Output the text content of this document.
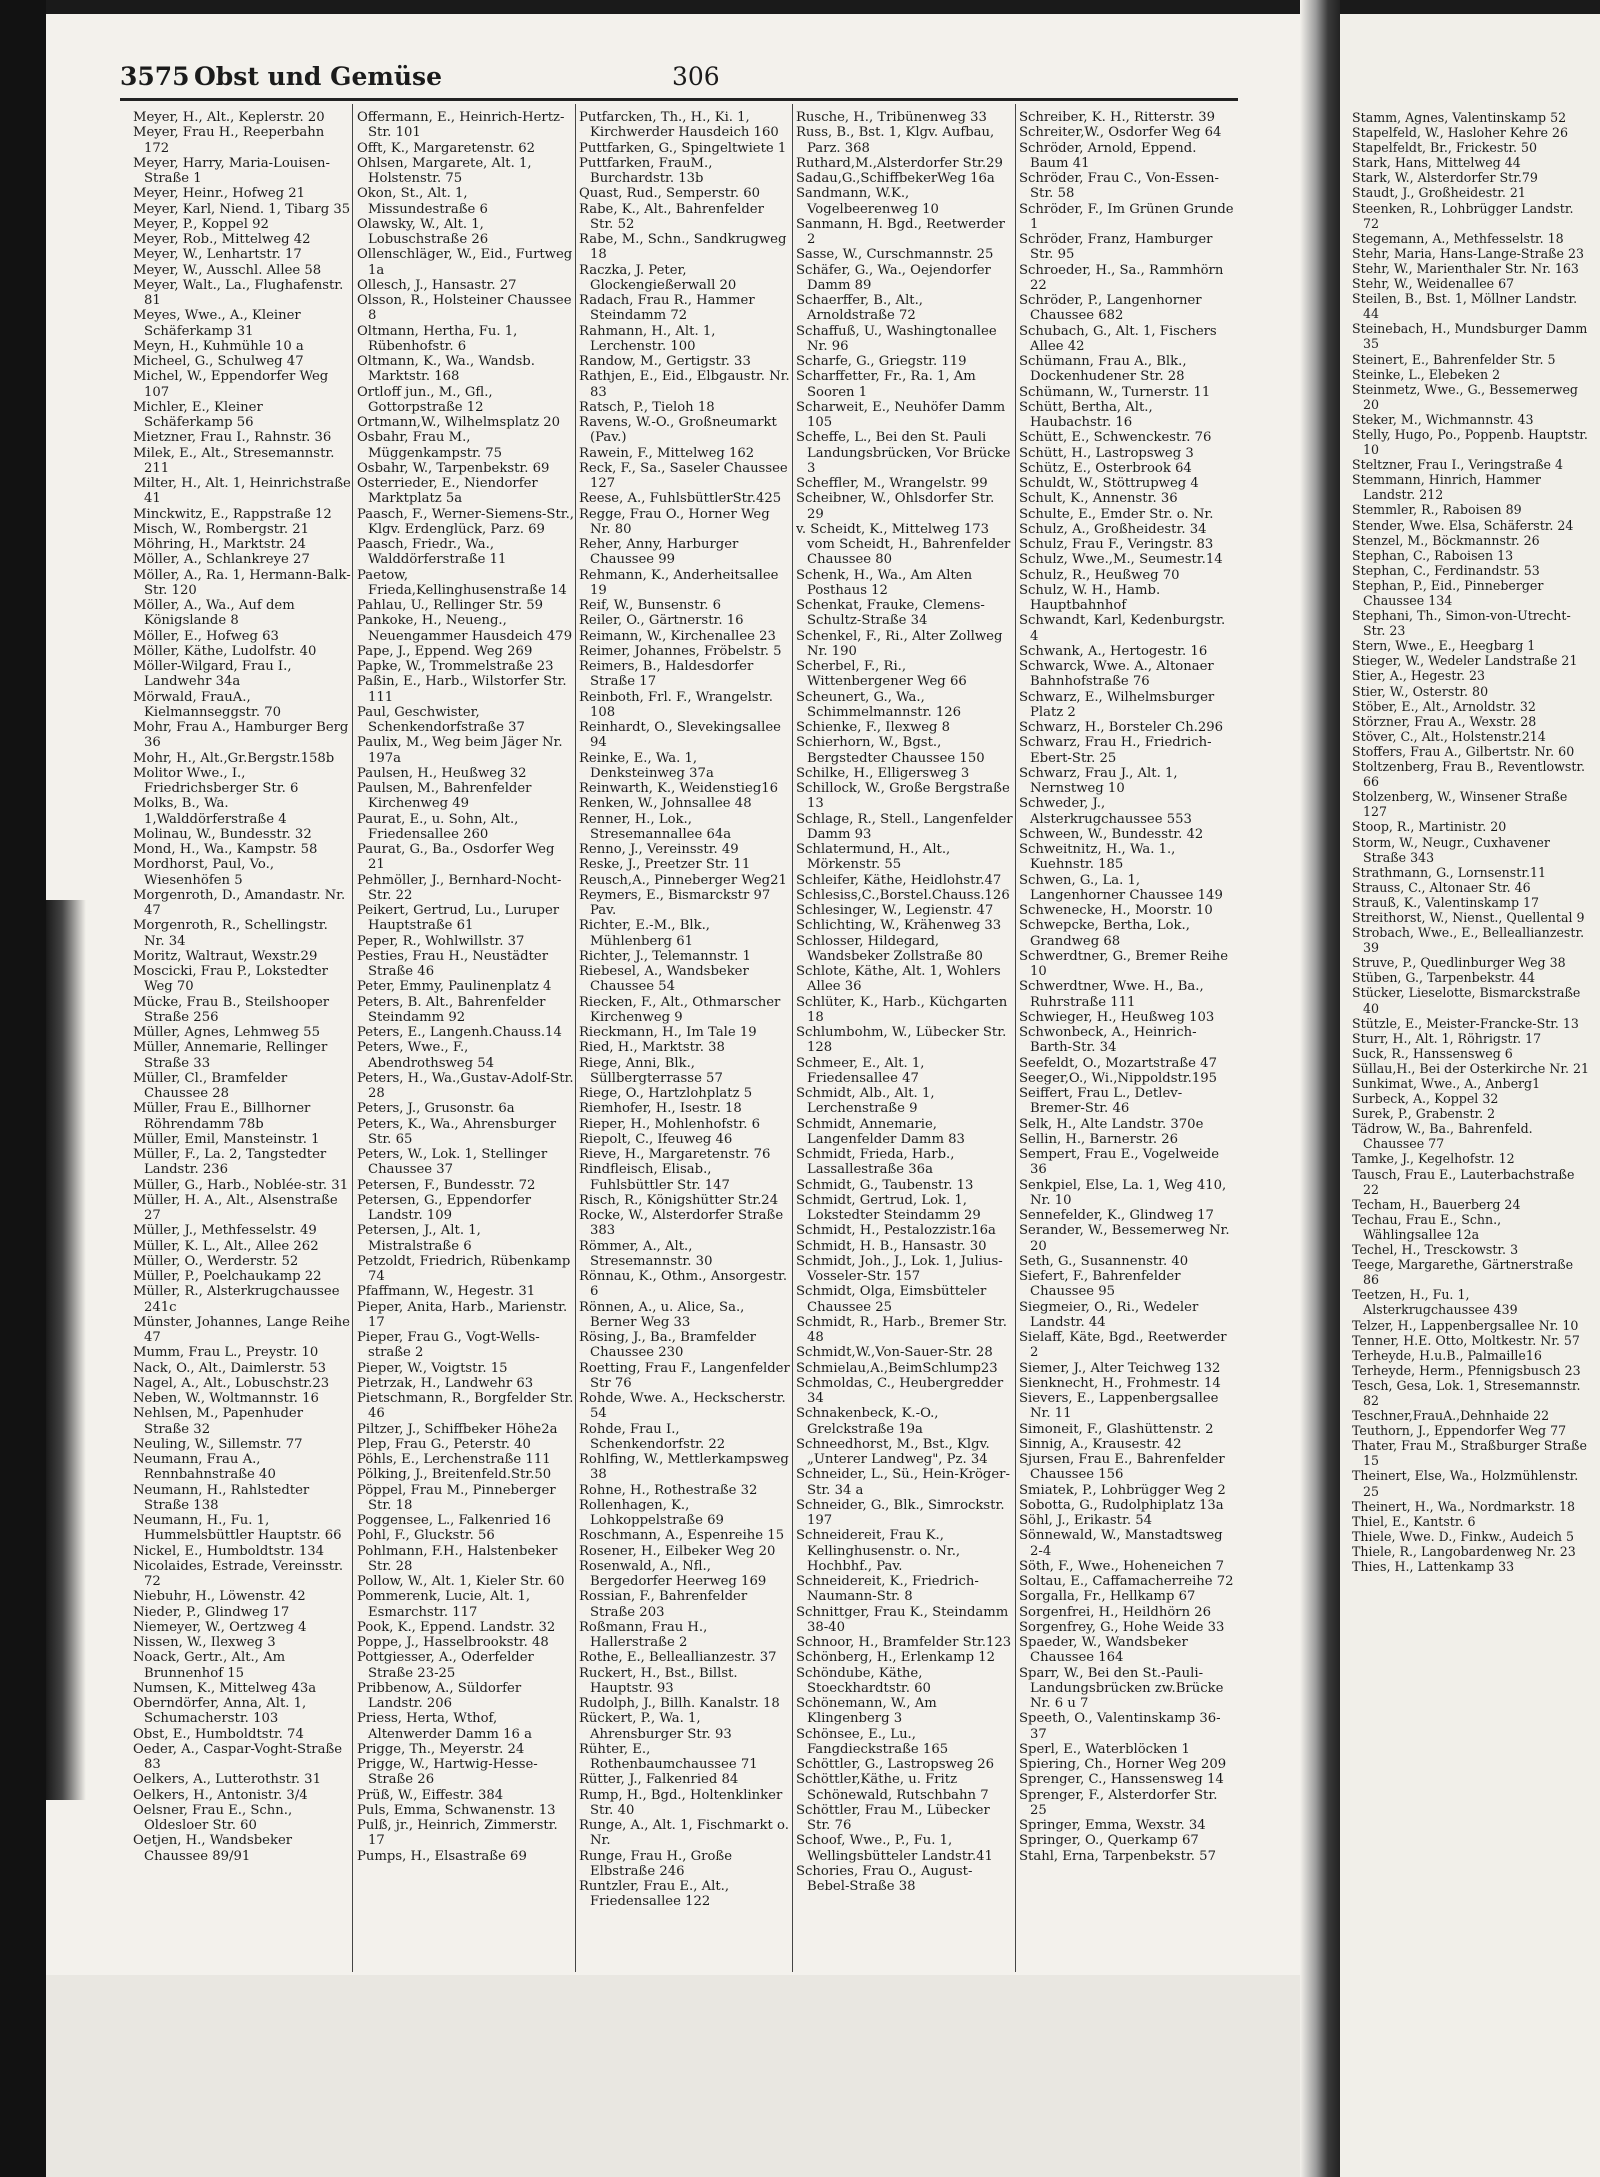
3575 Obst und Gemüse	306

Meyer, H., Alt., Keplerstr. 20

Meyer, Frau H., Reeperbahn 172

Meyer, Harry, Maria-Louisen-Straße 1

Meyer, Heinr., Hofweg 21

Meyer, Karl, Niend. 1, Tibarg 35

Meyer, P., Koppel 92

Meyer, Rob., Mittelweg 42

Meyer, W., Lenhartstr. 17

Meyer, W., Ausschl. Allee 58

Meyer, Walt., La., Flughafenstr. 81

Meyes, Wwe., A., Kleiner Schäferkamp 31

Meyn, H., Kuhmühle 10 a

Micheel, G., Schulweg 47

Michel, W., Eppendorfer Weg 107

Michler, E., Kleiner Schäferkamp 56

Mietzner, Frau I., Rahnstr. 36

Milek, E., Alt., Stresemannstr. 211

Milter, H., Alt. 1, Heinrichstraße 41

Minckwitz, E., Rappstraße 12

Misch, W., Rombergstr. 21

Möhring, H., Marktstr. 24

Möller, A., Schlankreye 27

Möller, A., Ra. 1, Hermann-Balk-Str. 120

Möller, A., Wa., Auf dem Königslande 8

Möller, E., Hofweg 63

Möller, Käthe, Ludolfstr. 40

Möller-Wilgard, Frau I., Landwehr 34a

Mörwald, FrauA., Kielmannseggstr. 70

Mohr, Frau A., Hamburger Berg 36

Mohr, H., Alt.,Gr.Bergstr.158b

Molitor Wwe., I., Friedrichsberger Str. 6

Molks, B., Wa. 1,Walddörferstraße 4

Molinau, W., Bundesstr. 32

Mond, H., Wa., Kampstr. 58

Mordhorst, Paul, Vo., Wiesenhöfen 5

Morgenroth, D., Amandastr. Nr. 47

Morgenroth, R., Schellingstr. Nr. 34

Moritz, Waltraut, Wexstr.29

Moscicki, Frau P., Lokstedter Weg 70

Mücke, Frau B., Steilshooper Straße 256

Müller, Agnes, Lehmweg 55

Müller, Annemarie, Rellinger Straße 33

Müller, Cl., Bramfelder Chaussee 28

Müller, Frau E., Billhorner Röhrendamm 78b

Müller, Emil, Mansteinstr. 1

Müller, F., La. 2, Tangstedter Landstr. 236

Müller, G., Harb., Noblée-str. 31

Müller, H. A., Alt., Alsenstraße 27

Müller, J., Methfesselstr. 49

Müller, K. L., Alt., Allee 262

Müller, O., Werderstr. 52

Müller, P., Poelchaukamp 22

Müller, R., Alsterkrugchaussee 241c

Münster, Johannes, Lange Reihe 47

Mumm, Frau L., Preystr. 10

Nack, O., Alt., Daimlerstr. 53

Nagel, A., Alt., Lobuschstr.23

Neben, W., Woltmannstr. 16

Nehlsen, M., Papenhuder Straße 32

Neuling, W., Sillemstr. 77

Neumann, Frau A., Rennbahnstraße 40

Neumann, H., Rahlstedter Straße 138

Neumann, H., Fu. 1, Hummelsbüttler Hauptstr. 66

Nickel, E., Humboldtstr. 134

Nicolaides, Estrade, Vereinsstr. 72

Niebuhr, H., Löwenstr. 42

Nieder, P., Glindweg 17

Niemeyer, W., Oertzweg 4

Nissen, W., Ilexweg 3

Noack, Gertr., Alt., Am Brunnenhof 15

Numsen, K., Mittelweg 43a

Oberndörfer, Anna, Alt. 1, Schumacherstr. 103

Obst, E., Humboldtstr. 74

Oeder, A., Caspar-Voght-Straße 83

Oelkers, A., Lutterothstr. 31

Oelkers, H., Antonistr. 3/4

Oelsner, Frau E., Schn., Oldesloer Str. 60

Oetjen, H., Wandsbeker Chaussee 89/91

Offermann, E., Heinrich-Hertz-Str. 101

Offt, K., Margaretenstr. 62

Ohlsen, Margarete, Alt. 1, Holstenstr. 75

Okon, St., Alt. 1, Missundestraße 6

Olawsky, W., Alt. 1, Lobuschstraße 26

Ollenschläger, W., Eid., Furtweg 1a

Ollesch, J., Hansastr. 27

Olsson, R., Holsteiner Chaussee 8

Oltmann, Hertha, Fu. 1, Rübenhofstr. 6

Oltmann, K., Wa., Wandsb. Marktstr. 168

Ortloff jun., M., Gfl., Gottorpstraße 12

Ortmann,W., Wilhelmsplatz 20

Osbahr, Frau M., Müggenkampstr. 75

Osbahr, W., Tarpenbekstr. 69

Osterrieder, E., Niendorfer Marktplatz 5a

Paasch, F., Werner-Siemens-Str., Klgv. Erdenglück, Parz. 69

Paasch, Friedr., Wa., Walddörferstraße 11

Paetow, Frieda,Kellinghusenstraße 14

Pahlau, U., Rellinger Str. 59

Pankoke, H., Neueng., Neuengammer Hausdeich 479

Pape, J., Eppend. Weg 269

Papke, W., Trommelstraße 23

Paßin, E., Harb., Wilstorfer Str. 111

Paul, Geschwister, Schenkendorfstraße 37

Paulix, M., Weg beim Jäger Nr. 197a

Paulsen, H., Heußweg 32

Paulsen, M., Bahrenfelder Kirchenweg 49

Paurat, E., u. Sohn, Alt., Friedensallee 260

Paurat, G., Ba., Osdorfer Weg 21

Pehmöller, J., Bernhard-Nocht-Str. 22

Peikert, Gertrud, Lu., Luruper Hauptstraße 61

Peper, R., Wohlwillstr. 37

Pesties, Frau H., Neustädter Straße 46

Peter, Emmy, Paulinenplatz 4

Peters, B. Alt., Bahrenfelder Steindamm 92

Peters, E., Langenh.Chauss.14

Peters, Wwe., F., Abendrothsweg 54

Peters, H., Wa.,Gustav-Adolf-Str. 28

Peters, J., Grusonstr. 6a

Peters, K., Wa., Ahrensburger Str. 65

Peters, W., Lok. 1, Stellinger Chaussee 37

Petersen, F., Bundesstr. 72

Petersen, G., Eppendorfer Landstr. 109

Petersen, J., Alt. 1, Mistralstraße 6

Petzoldt, Friedrich, Rübenkamp 74

Pfaffmann, W., Hegestr. 31

Pieper, Anita, Harb., Marienstr. 17

Pieper, Frau G., Vogt-Wells-straße 2

Pieper, W., Voigtstr. 15

Pietrzak, H., Landwehr 63

Pietschmann, R., Borgfelder Str. 46

Piltzer, J., Schiffbeker Höhe2a

Plep, Frau G., Peterstr. 40

Pöhls, E., Lerchenstraße 111

Pölking, J., Breitenfeld.Str.50

Pöppel, Frau M., Pinneberger Str. 18

Poggensee, L., Falkenried 16

Pohl, F., Gluckstr. 56

Pohlmann, F.H., Halstenbeker Str. 28

Pollow, W., Alt. 1, Kieler Str. 60

Pommerenk, Lucie, Alt. 1, Esmarchstr. 117

Pook, K., Eppend. Landstr. 32

Poppe, J., Hasselbrookstr. 48

Pottgiesser, A., Oderfelder Straße 23-25

Pribbenow, A., Süldorfer Landstr. 206

Priess, Herta, Wthof, Altenwerder Damm 16 a

Prigge, Th., Meyerstr. 24

Prigge, W., Hartwig-Hesse-Straße 26

Prüß, W., Eiffestr. 384

Puls, Emma, Schwanenstr. 13

Pulß, jr., Heinrich, Zimmerstr. 17

Pumps, H., Elsastraße 69

Putfarcken, Th., H., Ki. 1, Kirchwerder Hausdeich 160

Puttfarken, G., Spingeltwiete 1

Puttfarken, FrauM., Burchardstr. 13b

Quast, Rud., Semperstr. 60

Rabe, K., Alt., Bahrenfelder Str. 52

Rabe, M., Schn., Sandkrugweg 18

Raczka, J. Peter, Glockengießerwall 20

Radach, Frau R., Hammer Steindamm 72

Rahmann, H., Alt. 1, Lerchenstr. 100

Randow, M., Gertigstr. 33

Rathjen, E., Eid., Elbgaustr. Nr. 83

Ratsch, P., Tieloh 18

Ravens, W.-O., Großneumarkt (Pav.)

Rawein, F., Mittelweg 162

Reck, F., Sa., Saseler Chaussee 127

Reese, A., FuhlsbüttlerStr.425

Regge, Frau O., Horner Weg Nr. 80

Reher, Anny, Harburger Chaussee 99

Rehmann, K., Anderheitsallee 19

Reif, W., Bunsenstr. 6

Reiler, O., Gärtnerstr. 16

Reimann, W., Kirchenallee 23

Reimer, Johannes, Fröbelstr. 5

Reimers, B., Haldesdorfer Straße 17

Reinboth, Frl. F., Wrangelstr. 108

Reinhardt, O., Slevekingsallee 94

Reinke, E., Wa. 1, Denksteinweg 37a

Reinwarth, K., Weidenstieg16

Renken, W., Johnsallee 48

Renner, H., Lok., Stresemannallee 64a

Renno, J., Vereinsstr. 49

Reske, J., Preetzer Str. 11

Reusch,A., Pinneberger Weg21

Reymers, E., Bismarckstr 97 Pav.

Richter, E.-M., Blk., Mühlenberg 61

Richter, J., Telemannstr. 1

Riebesel, A., Wandsbeker Chaussee 54

Riecken, F., Alt., Othmarscher Kirchenweg 9

Rieckmann, H., Im Tale 19

Ried, H., Marktstr. 38

Riege, Anni, Blk., Süllbergterrasse 57

Riege, O., Hartzlohplatz 5

Riemhofer, H., Isestr. 18

Rieper, H., Mohlenhofstr. 6

Riepolt, C., Ifeuweg 46

Rieve, H., Margaretenstr. 76

Rindfleisch, Elisab., Fuhlsbüttler Str. 147

Risch, R., Königshütter Str.24

Rocke, W., Alsterdorfer Straße 383

Römmer, A., Alt., Stresemannstr. 30

Rönnau, K., Othm., Ansorgestr. 6

Rönnen, A., u. Alice, Sa., Berner Weg 33

Rösing, J., Ba., Bramfelder Chaussee 230

Roetting, Frau F., Langenfelder Str 76

Rohde, Wwe. A., Heckscherstr. 54

Rohde, Frau I., Schenkendorfstr. 22

Rohlfing, W., Mettlerkampsweg 38

Rohne, H., Rothestraße 32

Rollenhagen, K., Lohkoppelstraße 69

Roschmann, A., Espenreihe 15

Rosener, H., Eilbeker Weg 20

Rosenwald, A., Nfl., Bergedorfer Heerweg 169

Rossian, F., Bahrenfelder Straße 203

Roßmann, Frau H., Hallerstraße 2

Rothe, E., Belleallianzestr. 37

Ruckert, H., Bst., Billst. Hauptstr. 93

Rudolph, J., Billh. Kanalstr. 18

Rückert, P., Wa. 1, Ahrensburger Str. 93

Rühter, E., Rothenbaumchaussee 71

Rütter, J., Falkenried 84

Rump, H., Bgd., Holtenklinker Str. 40

Runge, A., Alt. 1, Fischmarkt o. Nr.

Runge, Frau H., Große Elbstraße 246

Runtzler, Frau E., Alt., Friedensallee 122

Rusche, H., Tribünenweg 33

Russ, B., Bst. 1, Klgv. Aufbau, Parz. 368

Ruthard,M.,Alsterdorfer Str.29

Sadau,G.,SchiffbekerWeg 16a

Sandmann, W.K., Vogelbeerenweg 10

Sanmann, H. Bgd., Reetwerder 2

Sasse, W., Curschmannstr. 25

Schäfer, G., Wa., Oejendorfer Damm 89

Schaerffer, B., Alt., Arnoldstraße 72

Schaffuß, U., Washingtonallee Nr. 96

Scharfe, G., Griegstr. 119

Scharffetter, Fr., Ra. 1, Am Sooren 1

Scharweit, E., Neuhöfer Damm 105

Scheffe, L., Bei den St. Pauli Landungsbrücken, Vor Brücke 3

Scheffler, M., Wrangelstr. 99

Scheibner, W., Ohlsdorfer Str. 29

v. Scheidt, K., Mittelweg 173 vom Scheidt, H., Bahrenfelder Chaussee 80

Schenk, H., Wa., Am Alten Posthaus 12

Schenkat, Frauke, Clemens-Schultz-Straße 34

Schenkel, F., Ri., Alter Zollweg Nr. 190

Scherbel, F., Ri., Wittenbergener Weg 66

Scheunert, G., Wa., Schimmelmannstr. 126

Schienke, F., Ilexweg 8

Schierhorn, W., Bgst., Bergstedter Chaussee 150

Schilke, H., Elligersweg 3

Schillock, W., Große Bergstraße 13

Schlage, R., Stell., Langenfelder Damm 93

Schlatermund, H., Alt., Mörkenstr. 55

Schleifer, Käthe, Heidlohstr.47

Schlesiss,C.,Borstel.Chauss.126

Schlesinger, W., Legienstr. 47

Schlichting, W., Krähenweg 33

Schlosser, Hildegard, Wandsbeker Zollstraße 80

Schlote, Käthe, Alt. 1, Wohlers Allee 36

Schlüter, K., Harb., Küchgarten 18

Schlumbohm, W., Lübecker Str. 128

Schmeer, E., Alt. 1, Friedensallee 47

Schmidt, Alb., Alt. 1, Lerchenstraße 9

Schmidt, Annemarie, Langenfelder Damm 83

Schmidt, Frieda, Harb., Lassallestraße 36a

Schmidt, G., Taubenstr. 13

Schmidt, Gertrud, Lok. 1, Lokstedter Steindamm 29

Schmidt, H., Pestalozzistr.16a

Schmidt, H. B., Hansastr. 30

Schmidt, Joh., J., Lok. 1, Julius-Vosseler-Str. 157

Schmidt, Olga, Eimsbütteler Chaussee 25

Schmidt, R., Harb., Bremer Str. 48

Schmidt,W.,Von-Sauer-Str. 28

Schmielau,A.,BeimSchlump23

Schmoldas, C., Heubergredder 34

Schnakenbeck, K.-O., Grelckstraße 19a

Schneedhorst, M., Bst., Klgv. „Unterer Landweg", Pz. 34

Schneider, L., Sü., Hein-Kröger-Str. 34 a

Schneider, G., Blk., Simrockstr. 197

Schneidereit, Frau K., Kellinghusenstr. o. Nr., Hochbhf., Pav.

Schneidereit, K., Friedrich-Naumann-Str. 8

Schnittger, Frau K., Steindamm 38-40

Schnoor, H., Bramfelder Str.123

Schönberg, H., Erlenkamp 12

Schöndube, Käthe, Stoeckhardtstr. 60

Schönemann, W., Am Klingenberg 3

Schönsee, E., Lu., Fangdieckstraße 165

Schöttler, G., Lastropsweg 26

Schöttler,Käthe, u. Fritz Schönewald, Rutschbahn 7

Schöttler, Frau M., Lübecker Str. 76

Schoof, Wwe., P., Fu. 1, Wellingsbütteler Landstr.41

Schories, Frau O., August-Bebel-Straße 38

Schreiber, K. H., Ritterstr. 39

Schreiter,W., Osdorfer Weg 64

Schröder, Arnold, Eppend. Baum 41

Schröder, Frau C., Von-Essen-Str. 58

Schröder, F., Im Grünen Grunde 1

Schröder, Franz, Hamburger Str. 95

Schroeder, H., Sa., Rammhörn 22

Schröder, P., Langenhorner Chaussee 682

Schubach, G., Alt. 1, Fischers Allee 42

Schümann, Frau A., Blk., Dockenhudener Str. 28

Schümann, W., Turnerstr. 11

Schütt, Bertha, Alt., Haubachstr. 16

Schütt, E., Schwenckestr. 76

Schütt, H., Lastropsweg 3

Schütz, E., Osterbrook 64

Schuldt, W., Stöttrupweg 4

Schult, K., Annenstr. 36

Schulte, E., Emder Str. o. Nr.

Schulz, A., Großheidestr. 34

Schulz, Frau F., Veringstr. 83

Schulz, Wwe.,M., Seumestr.14

Schulz, R., Heußweg 70

Schulz, W. H., Hamb. Hauptbahnhof

Schwandt, Karl, Kedenburgstr. 4

Schwank, A., Hertogestr. 16

Schwarck, Wwe. A., Altonaer Bahnhofstraße 76

Schwarz, E., Wilhelmsburger Platz 2

Schwarz, H., Borsteler Ch.296

Schwarz, Frau H., Friedrich-Ebert-Str. 25

Schwarz, Frau J., Alt. 1, Nernstweg 10

Schweder, J., Alsterkrugchaussee 553

Schween, W., Bundesstr. 42

Schweitnitz, H., Wa. 1., Kuehnstr. 185

Schwen, G., La. 1, Langenhorner Chaussee 149

Schwenecke, H., Moorstr. 10

Schwepcke, Bertha, Lok., Grandweg 68

Schwerdtner, G., Bremer Reihe 10

Schwerdtner, Wwe. H., Ba., Ruhrstraße 111

Schwieger, H., Heußweg 103

Schwonbeck, A., Heinrich-Barth-Str. 34

Seefeldt, O., Mozartstraße 47

Seeger,O., Wi.,Nippoldstr.195

Seiffert, Frau L., Detlev-Bremer-Str. 46

Selk, H., Alte Landstr. 370e

Sellin, H., Barnerstr. 26

Sempert, Frau E., Vogelweide 36

Senkpiel, Else, La. 1, Weg 410, Nr. 10

Sennefelder, K., Glindweg 17

Serander, W., Bessemerweg Nr. 20

Seth, G., Susannenstr. 40

Siefert, F., Bahrenfelder Chaussee 95

Siegmeier, O., Ri., Wedeler Landstr. 44

Sielaff, Käte, Bgd., Reetwerder 2

Siemer, J., Alter Teichweg 132

Sienknecht, H., Frohmestr. 14

Sievers, E., Lappenbergsallee Nr. 11

Simoneit, F., Glashüttenstr. 2

Sinnig, A., Krausestr. 42

Sjursen, Frau E., Bahrenfelder Chaussee 156

Smiatek, P., Lohbrügger Weg 2

Sobotta, G., Rudolphiplatz 13a

Söhl, J., Erikastr. 54

Sönnewald, W., Manstadtsweg 2-4

Söth, F., Wwe., Hoheneichen 7

Soltau, E., Caffamacherreihe 72

Sorgalla, Fr., Hellkamp 67

Sorgenfrei, H., Heildhörn 26

Sorgenfrey, G., Hohe Weide 33

Spaeder, W., Wandsbeker Chaussee 164

Sparr, W., Bei den St.-Pauli-Landungsbrücken zw.Brücke Nr. 6 u 7

Speeth, O., Valentinskamp 36-37

Sperl, E., Waterblöcken 1

Spiering, Ch., Horner Weg 209

Sprenger, C., Hanssensweg 14

Sprenger, F., Alsterdorfer Str. 25

Springer, Emma, Wexstr. 34

Springer, O., Querkamp 67

Stahl, Erna, Tarpenbekstr. 57

Stamm, Agnes, Valentinskamp 52

Stapelfeld, W., Hasloher Kehre 26

Stapelfeldt, Br., Frickestr. 50

Stark, Hans, Mittelweg 44

Stark, W., Alsterdorfer Str.79

Staudt, J., Großheidestr. 21

Steenken, R., Lohbrügger Landstr. 72

Stegemann, A., Methfesselstr. 18

Stehr, Maria, Hans-Lange-Straße 23

Stehr, W., Marienthaler Str. Nr. 163

Stehr, W., Weidenallee 67

Steilen, B., Bst. 1, Möllner Landstr. 44

Steinebach, H., Mundsburger Damm 35

Steinert, E., Bahrenfelder Str. 5

Steinke, L., Elebeken 2

Steinmetz, Wwe., G., Bessemerweg 20

Steker, M., Wichmannstr. 43

Stelly, Hugo, Po., Poppenb. Hauptstr. 10

Steltzner, Frau I., Veringstraße 4

Stemmann, Hinrich, Hammer Landstr. 212

Stemmler, R., Raboisen 89

Stender, Wwe. Elsa, Schäferstr. 24

Stenzel, M., Böckmannstr. 26

Stephan, C., Raboisen 13

Stephan, C., Ferdinandstr. 53

Stephan, P., Eid., Pinneberger Chaussee 134

Stephani, Th., Simon-von-Utrecht-Str. 23

Stern, Wwe., E., Heegbarg 1

Stieger, W., Wedeler Landstraße 21

Stier, A., Hegestr. 23

Stier, W., Osterstr. 80

Stöber, E., Alt., Arnoldstr. 32

Störzner, Frau A., Wexstr. 28

Stöver, C., Alt., Holstenstr.214

Stoffers, Frau A., Gilbertstr. Nr. 60

Stoltzenberg, Frau B., Reventlowstr. 66

Stolzenberg, W., Winsener Straße 127

Stoop, R., Martinistr. 20

Storm, W., Neugr., Cuxhavener Straße 343

Strathmann, G., Lornsenstr.11

Strauss, C., Altonaer Str. 46

Strauß, K., Valentinskamp 17

Streithorst, W., Nienst., Quellental 9

Strobach, Wwe., E., Belleallianzestr. 39

Struve, P., Quedlinburger Weg 38

Stüben, G., Tarpenbekstr. 44

Stücker, Lieselotte, Bismarckstraße 40

Stützle, E., Meister-Francke-Str. 13

Sturr, H., Alt. 1, Röhrigstr. 17

Suck, R., Hanssensweg 6

Süllau,H., Bei der Osterkirche Nr. 21

Sunkimat, Wwe., A., Anberg1

Surbeck, A., Koppel 32

Surek, P., Grabenstr. 2

Tädrow, W., Ba., Bahrenfeld. Chaussee 77

Tamke, J., Kegelhofstr. 12

Tausch, Frau E., Lauterbachstraße 22

Techam, H., Bauerberg 24

Techau, Frau E., Schn., Wählingsallee 12a

Techel, H., Tresckowstr. 3

Teege, Margarethe, Gärtnerstraße 86

Teetzen, H., Fu. 1, Alsterkrugchaussee 439

Telzer, H., Lappenbergsallee Nr. 10

Tenner, H.E. Otto, Moltkestr. Nr. 57

Terheyde, H.u.B., Palmaille16

Terheyde, Herm., Pfennigsbusch 23

Tesch, Gesa, Lok. 1, Stresemannstr. 82

Teschner,FrauA.,Dehnhaide 22

Teuthorn, J., Eppendorfer Weg 77

Thater, Frau M., Straßburger Straße 15

Theinert, Else, Wa., Holzmühlenstr. 25

Theinert, H., Wa., Nordmarkstr. 18

Thiel, E., Kantstr. 6

Thiele, Wwe. D., Finkw., Audeich 5

Thiele, R., Langobardenweg Nr. 23

Thies, H., Lattenkamp 33
